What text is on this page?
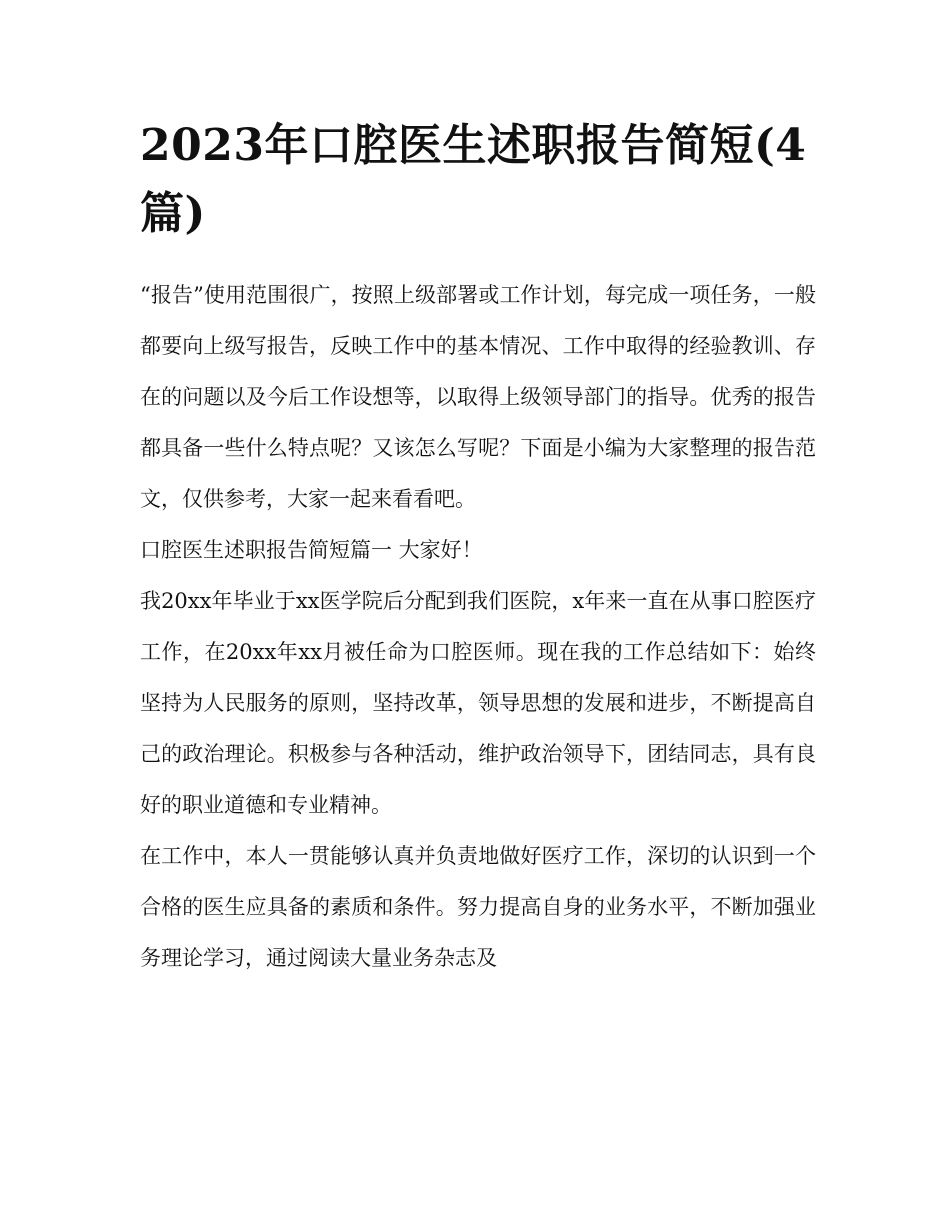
2023年口腔医生述职报告简短(4篇)

“报告”使用范围很广，按照上级部署或工作计划，每完成一项任务，一般都要向上级写报告，反映工作中的基本情况、工作中取得的经验教训、存在的问题以及今后工作设想等，以取得上级领导部门的指导。优秀的报告都具备一些什么特点呢？又该怎么写呢？下面是小编为大家整理的报告范文，仅供参考，大家一起来看看吧。

口腔医生述职报告简短篇一 大家好！

我20xx年毕业于xx医学院后分配到我们医院，x年来一直在从事口腔医疗工作，在20xx年xx月被任命为口腔医师。现在我的工作总结如下：始终坚持为人民服务的原则，坚持改革，领导思想的发展和进步，不断提高自己的政治理论。积极参与各种活动，维护政治领导下，团结同志，具有良好的职业道德和专业精神。

在工作中，本人一贯能够认真并负责地做好医疗工作，深切的认识到一个合格的医生应具备的素质和条件。努力提高自身的业务水平，不断加强业务理论学习，通过阅读大量业务杂志及
